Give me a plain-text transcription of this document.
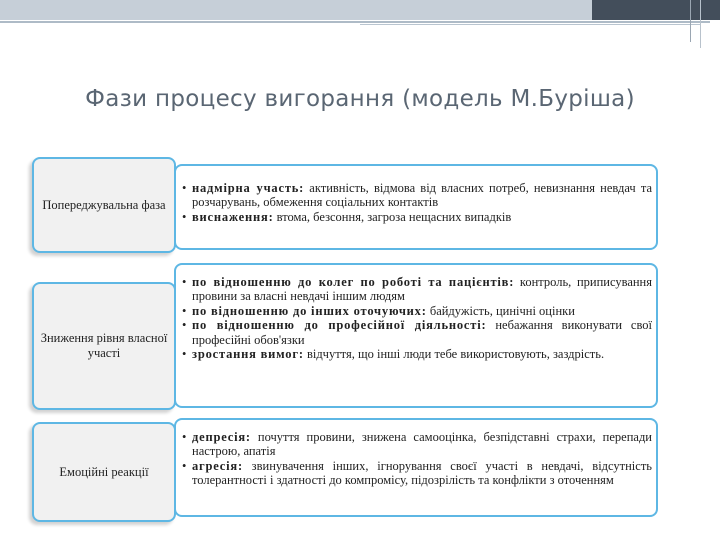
Фази процесу вигорання (модель М.Буріша)
Попереджувальна фаза
• надмірна участь: активність, відмова від власних потреб, невизнання невдач та розчарувань, обмеження соціальних контактів
• виснаження: втома, безсоння, загроза нещасних випадків
Зниження рівня власної участі
• по відношенню до колег по роботі та пацієнтів: контроль, приписування провини за власні невдачі іншим людям
• по відношенню до інших оточуючих: байдужість, цинічні оцінки
• по відношенню до професійної діяльності: небажання виконувати свої професійні обов'язки
• зростання вимог: відчуття, що інші люди тебе використовують, заздрість.
Емоційні реакції
• депресія: почуття провини, знижена самооцінка, безпідставні страхи, перепади настрою, апатія
• агресія: звинувачення інших, ігнорування своєї участі в невдачі, відсутність толерантності і здатності до компромісу, підозрілість та конфлікти з оточенням
